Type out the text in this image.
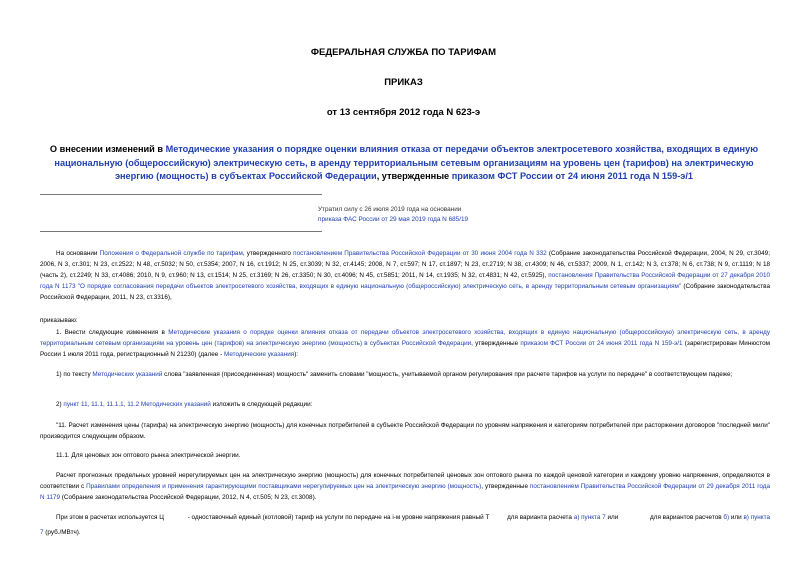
ФЕДЕРАЛЬНАЯ СЛУЖБА ПО ТАРИФАМ
ПРИКАЗ
от 13 сентября 2012 года N 623-э
О внесении изменений в Методические указания о порядке оценки влияния отказа от передачи объектов электросетевого хозяйства, входящих в единую национальную (общероссийскую) электрическую сеть, в аренду территориальным сетевым организациям на уровень цен (тарифов) на электрическую энергию (мощность) в субъектах Российской Федерации, утвержденные приказом ФСТ России от 24 июня 2011 года N 159-э/1
Утратил силу с 26 июля 2019 года на основании
приказа ФАС России от 29 мая 2019 года N 685/19
На основании Положения о Федеральной службе по тарифам, утвержденного постановлением Правительства Российской Федерации от 30 июня 2004 года N 332 (Собрание законодательства Российской Федерации, 2004, N 29, ст.3049; 2006, N 3, ст.301; N 23, ст.2522; N 48, ст.5032; N 50, ст.5354; 2007, N 16, ст.1912; N 25, ст.3039; N 32, ст.4145; 2008, N 7, ст.597; N 17, ст.1897; N 23, ст.2719; N 38, ст.4309; N 46, ст.5337; 2009, N 1, ст.142; N 3, ст.378; N 6, ст.738; N 9, ст.1119; N 18 (часть 2), ст.2249; N 33, ст.4086; 2010, N 9, ст.960; N 13, ст.1514; N 25, ст.3169; N 26, ст.3350; N 30, ст.4096; N 45, ст.5851; 2011, N 14, ст.1935; N 32, ст.4831; N 42, ст.5925), постановления Правительства Российской Федерации от 27 декабря 2010 года N 1173 "О порядке согласования передачи объектов электросетевого хозяйства, входящих в единую национальную (общероссийскую) электрическую сеть, в аренду территориальным сетевым организациям" (Собрание законодательства Российской Федерации, 2011, N 23, ст.3316),
приказываю:
1. Внести следующие изменения в Методические указания о порядке оценки влияния отказа от передачи объектов электросетевого хозяйства, входящих в единую национальную (общероссийскую) электрическую сеть, в аренду территориальным сетевым организациям на уровень цен (тарифов) на электрическую энергию (мощность) в субъектах Российской Федерации, утвержденные приказом ФСТ России от 24 июня 2011 года N 159-э/1 (зарегистрирован Минюстом России 1 июля 2011 года, регистрационный N 21230) (далее - Методические указания):
1) по тексту Методических указаний слова "заявленная (присоединенная) мощность" заменить словами "мощность, учитываемой органом регулирования при расчете тарифов на услуги по передаче" в соответствующем падеже;
2) пункт 11, 11.1, 11.1.1, 11.2 Методических указаний изложить в следующей редакции:
"11. Расчет изменения цены (тарифа) на электрическую энергию (мощность) для конечных потребителей в субъекте Российской Федерации по уровням напряжения и категориям потребителей при расторжении договоров "последней мили" производится следующим образом.
11.1. Для ценовых зон оптового рынка электрической энергии.
Расчет прогнозных предельных уровней нерегулируемых цен на электрическую энергию (мощность) для конечных потребителей ценовых зон оптового рынка по каждой ценовой категории и каждому уровню напряжения, определяются в соответствии с Правилами определения и применения гарантирующими поставщиками нерегулируемых цен на электрическую энергию (мощность), утвержденные постановлением Правительства Российской Федерации от 29 декабря 2011 года N 1179 (Собрание законодательства Российской Федерации, 2012, N 4, ст.505; N 23, ст.3008).
При этом в расчетах используется Ц	- одноставочный единый (котловой) тариф на услуги по передаче на i-м уровне напряжения равный Т	для варианта расчета а) пункта 7 или	для вариантов расчетов б) или в) пункта 7 (руб./МВтч).
